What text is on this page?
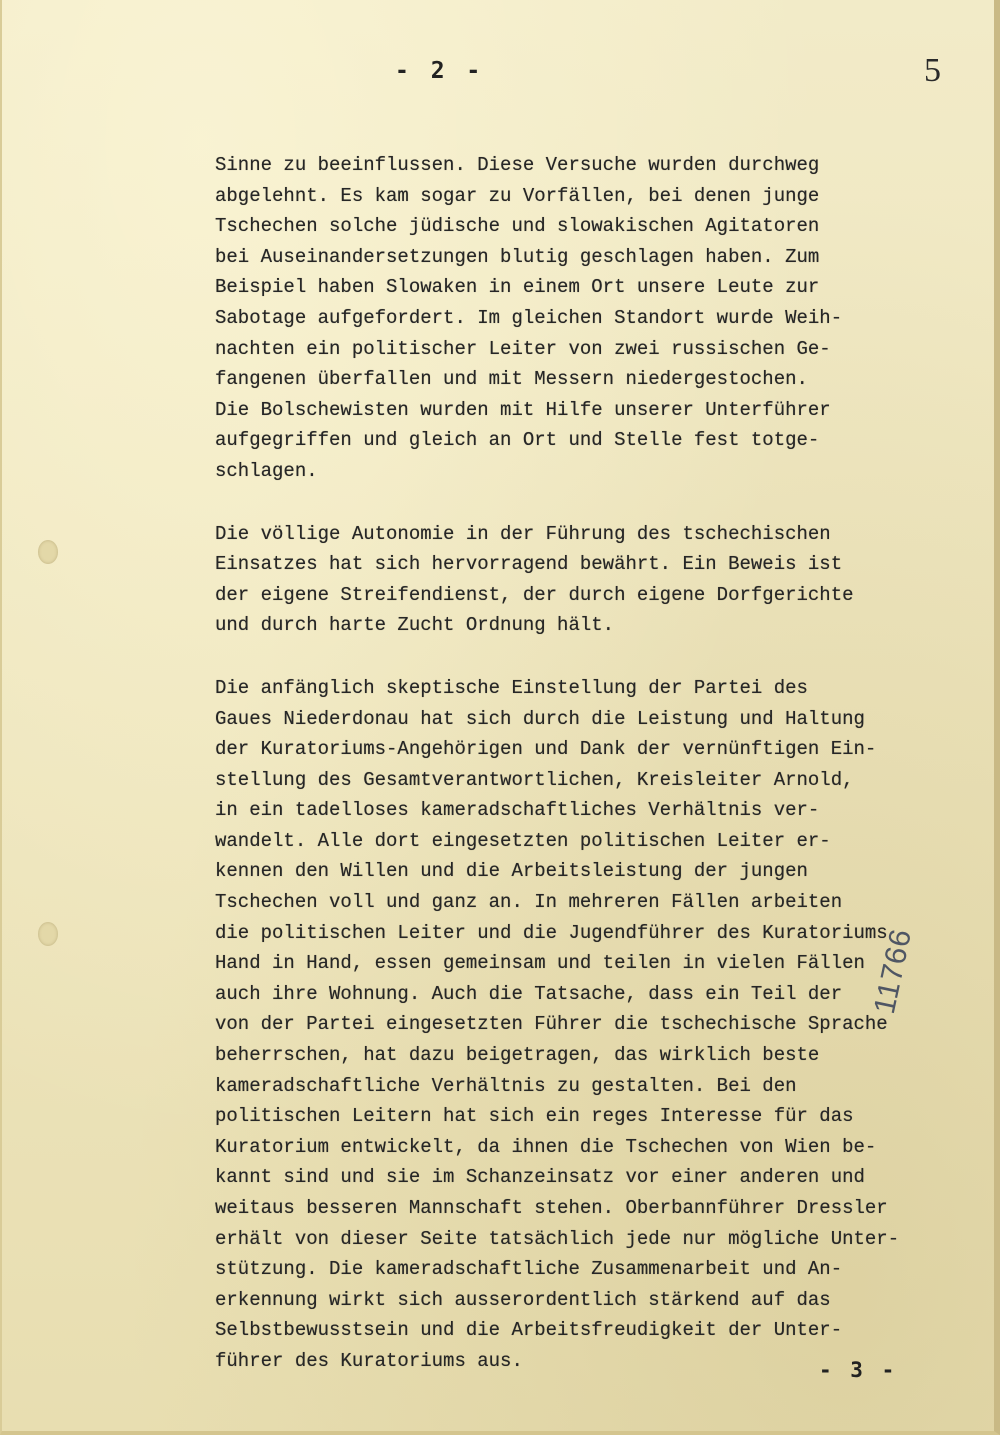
- 2 -	5
Sinne zu beeinflussen. Diese Versuche wurden durchweg
abgelehnt. Es kam sogar zu Vorfällen, bei denen junge
Tschechen solche jüdische und slowakischen Agitatoren
bei Auseinandersetzungen blutig geschlagen haben. Zum
Beispiel haben Slowaken in einem Ort unsere Leute zur
Sabotage aufgefordert. Im gleichen Standort wurde Weih-
nachten ein politischer Leiter von zwei russischen Ge-
fangenen überfallen und mit Messern niedergestochen.
Die Bolschewisten wurden mit Hilfe unserer Unterführer
aufgegriffen und gleich an Ort und Stelle fest totge-
schlagen.
Die völlige Autonomie in der Führung des tschechischen
Einsatzes hat sich hervorragend bewährt. Ein Beweis ist
der eigene Streifendienst, der durch eigene Dorfgerichte
und durch harte Zucht Ordnung hält.
Die anfänglich skeptische Einstellung der Partei des
Gaues Niederdonau hat sich durch die Leistung und Haltung
der Kuratoriums-Angehörigen und Dank der vernünftigen Ein-
stellung des Gesamtverantwortlichen, Kreisleiter Arnold,
in ein tadelloses kameradschaftliches Verhältnis ver-
wandelt. Alle dort eingesetzten politischen Leiter er-
kennen den Willen und die Arbeitsleistung der jungen
Tschechen voll und ganz an. In mehreren Fällen arbeiten
die politischen Leiter und die Jugendführer des Kuratoriums
Hand in Hand, essen gemeinsam und teilen in vielen Fällen
auch ihre Wohnung. Auch die Tatsache, dass ein Teil der
von der Partei eingesetzten Führer die tschechische Sprache
beherrschen, hat dazu beigetragen, das wirklich beste
kameradschaftliche Verhältnis zu gestalten. Bei den
politischen Leitern hat sich ein reges Interesse für das
Kuratorium entwickelt, da ihnen die Tschechen von Wien be-
kannt sind und sie im Schanzeinsatz vor einer anderen und
weitaus besseren Mannschaft stehen. Oberbannführer Dressler
erhält von dieser Seite tatsächlich jede nur mögliche Unter-
stützung. Die kameradschaftliche Zusammenarbeit und An-
erkennung wirkt sich ausserordentlich stärkend auf das
Selbstbewusstsein und die Arbeitsfreudigkeit der Unter-
führer des Kuratoriums aus.
11766
- 3 -
